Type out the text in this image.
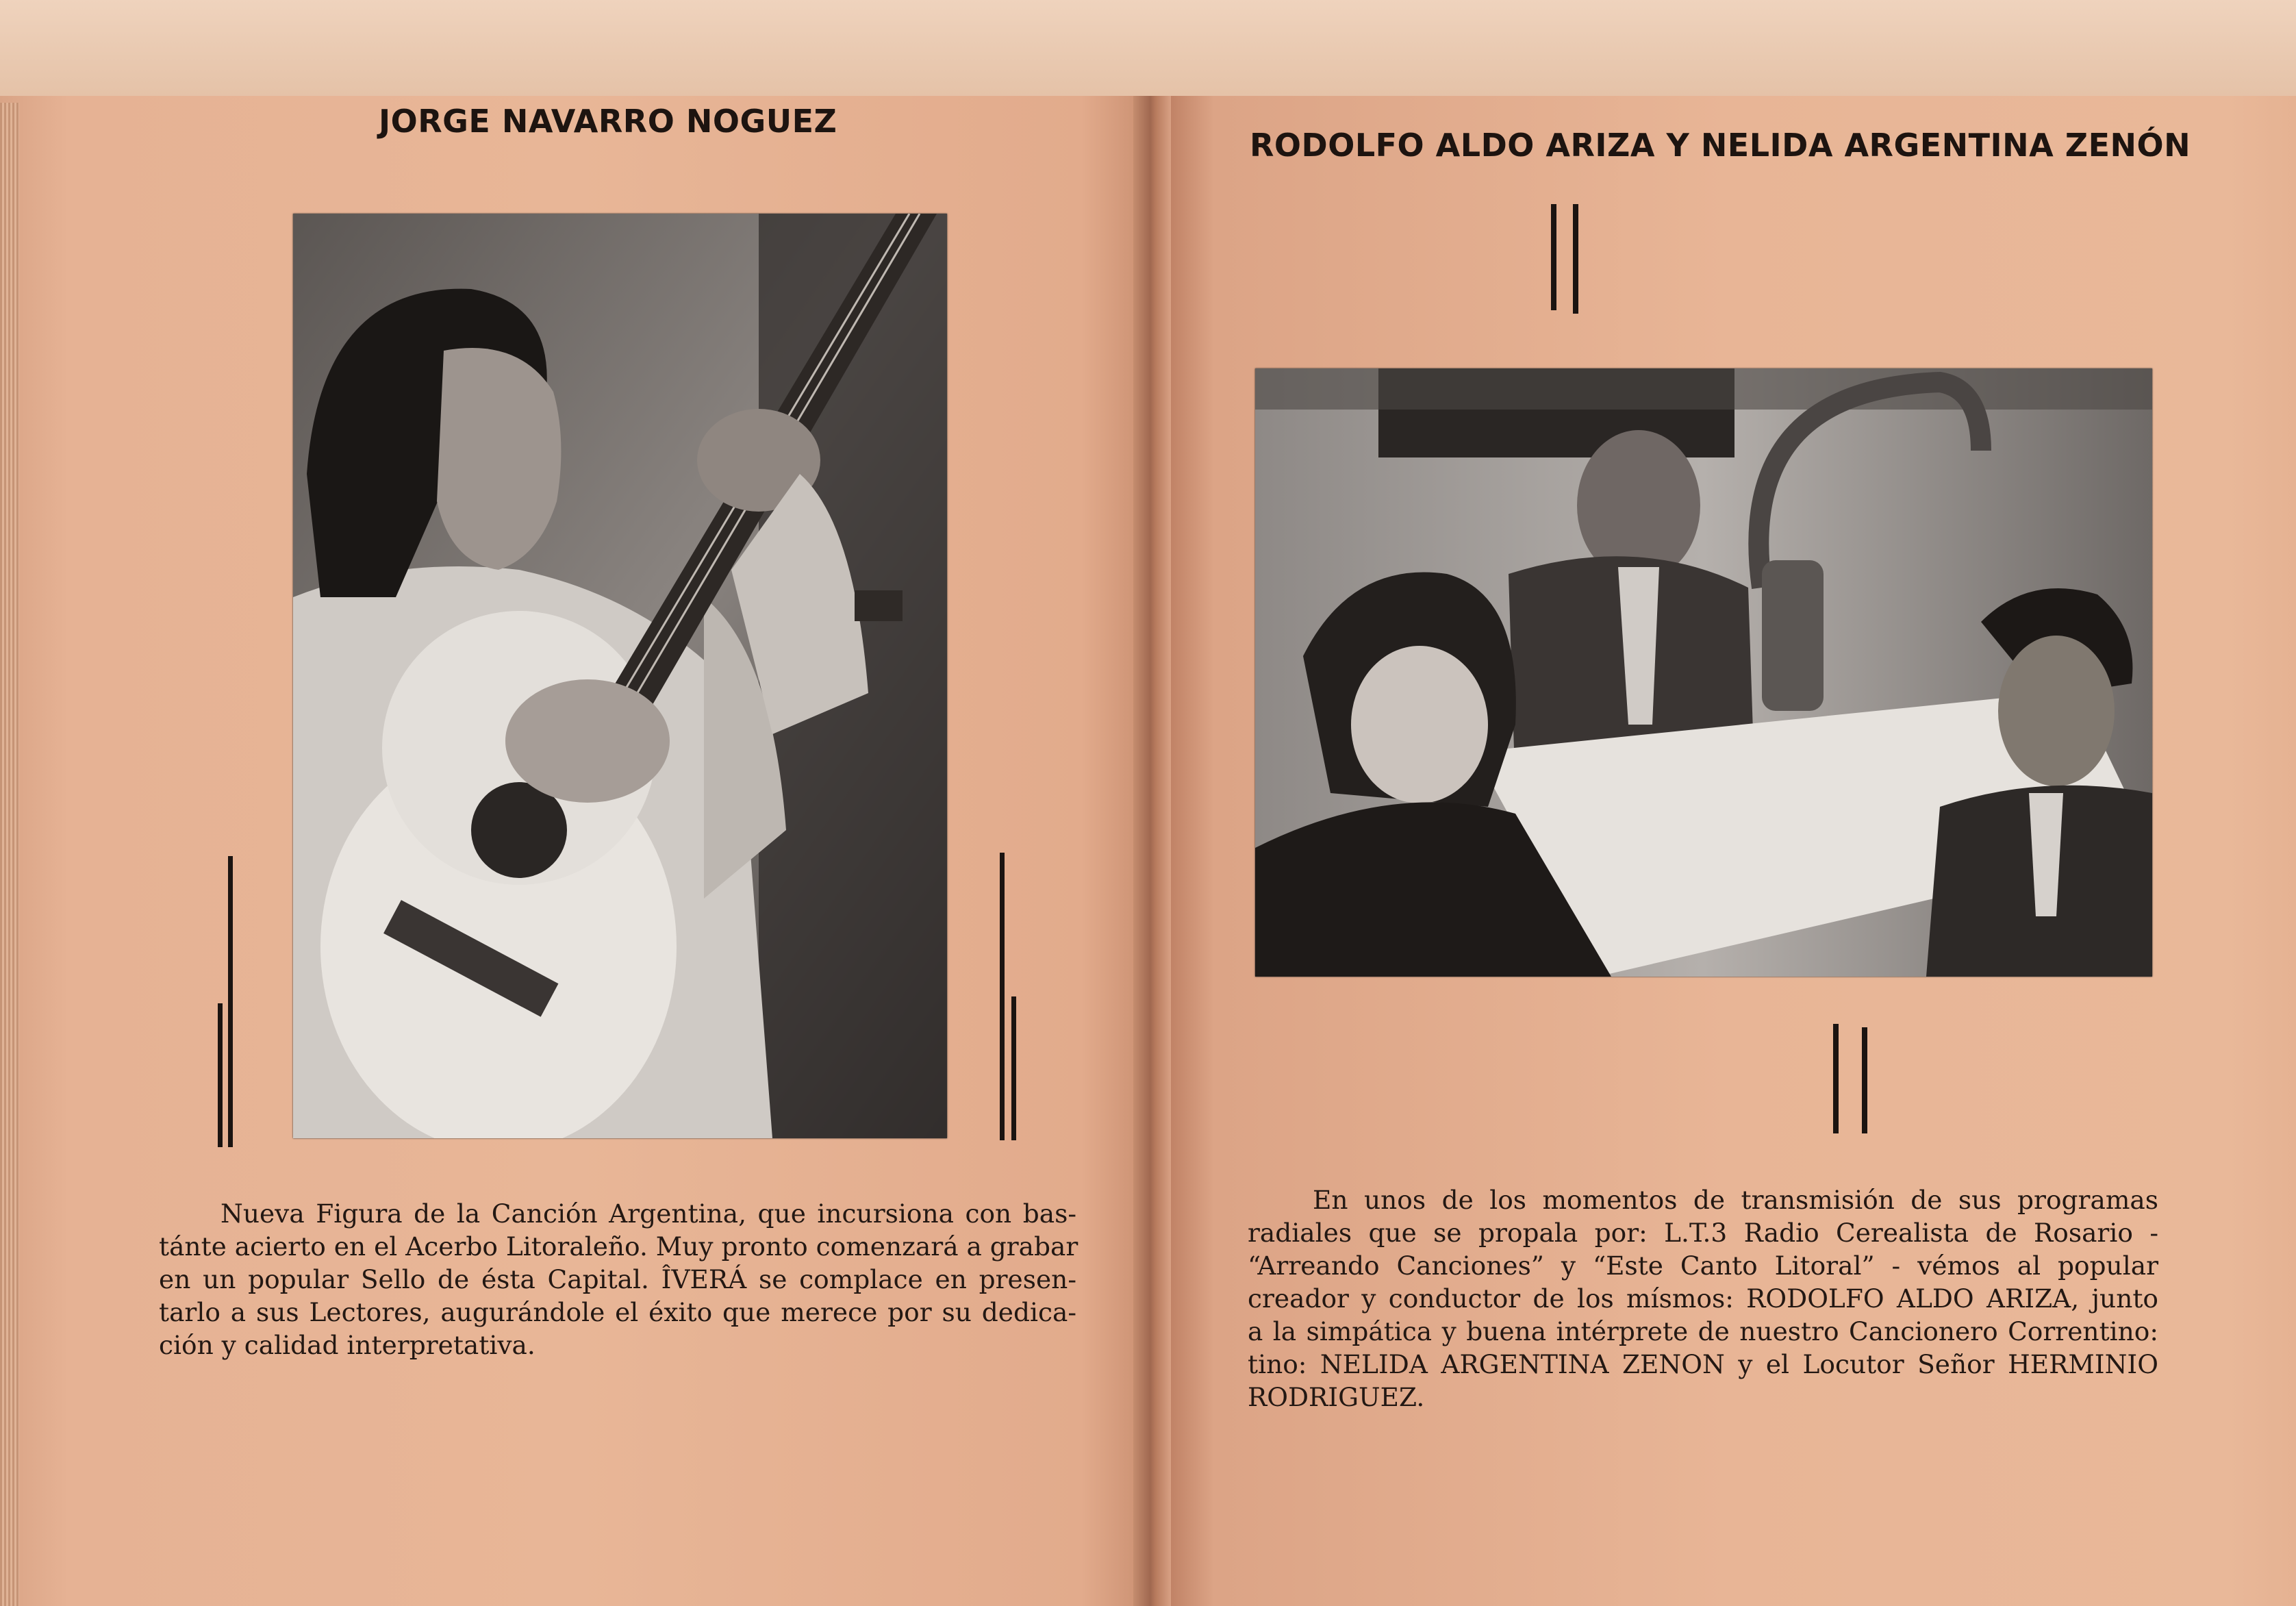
JORGE NAVARRO NOGUEZ
Nueva Figura de la Canción Argentina, que incursiona con bas-
tánte acierto en el Acerbo Litoraleño. Muy pronto comenzará a grabar
en un popular Sello de ésta Capital. ÎVERÁ se complace en presen-
tarlo a sus Lectores, augurándole el éxito que merece por su dedica-
ción y calidad interpretativa.
RODOLFO ALDO ARIZA Y NELIDA ARGENTINA ZENÓN
En unos de los momentos de transmisión de sus programas
radiales que se propala por: L.T.3 Radio Cerealista de Rosario -
“Arreando Canciones” y “Este Canto Litoral” - vémos al popular
creador y conductor de los mísmos: RODOLFO ALDO ARIZA, junto
a la simpática y buena intérprete de nuestro Cancionero Correntino:
tino: NELIDA ARGENTINA ZENON y el Locutor Señor HERMINIO
RODRIGUEZ.
